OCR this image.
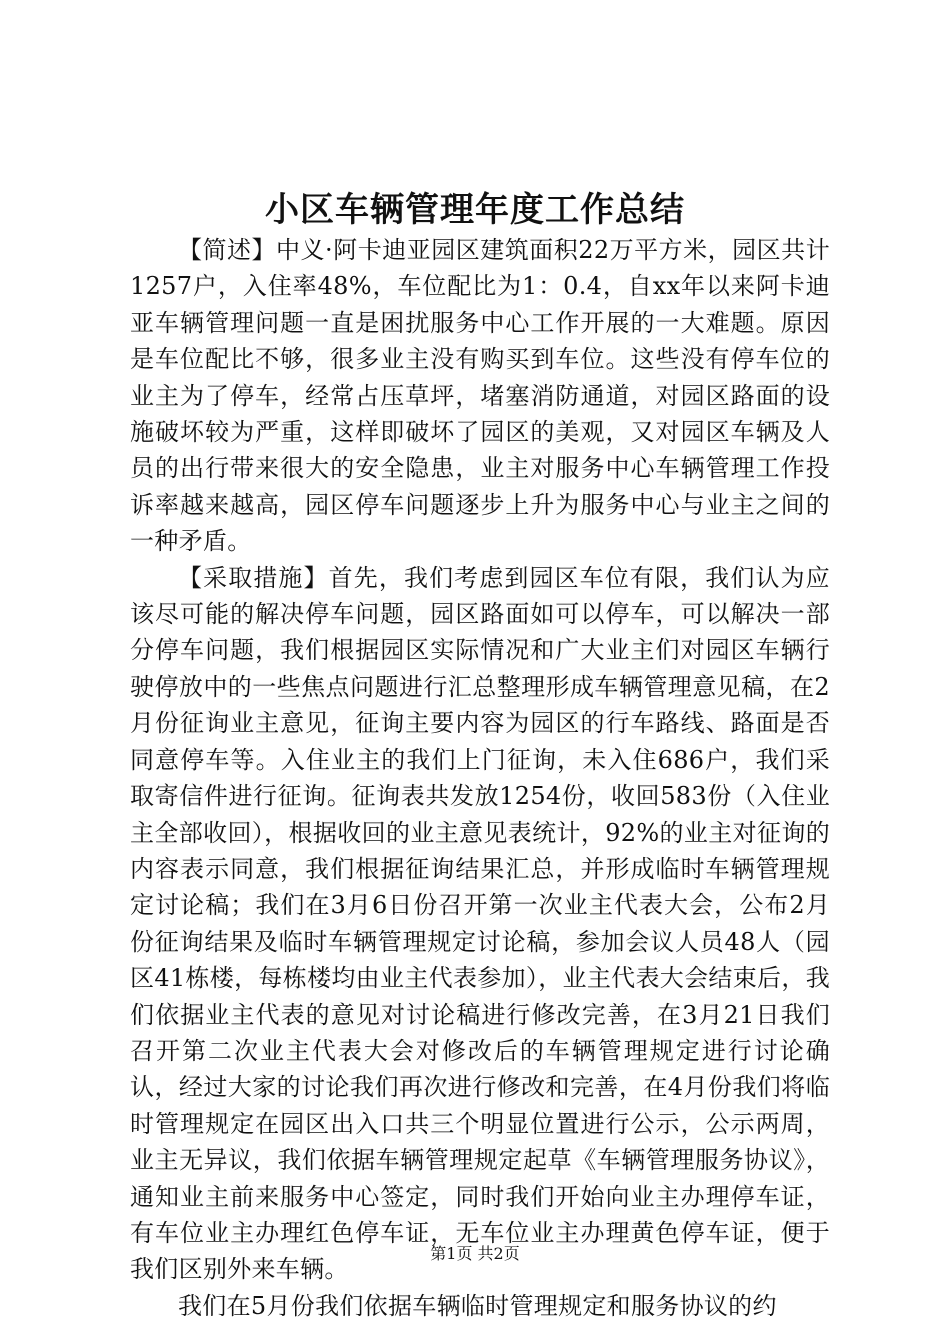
小区车辆管理年度工作总结

【简述】中义·阿卡迪亚园区建筑面积22万平方米，园区共计1257户，入住率48%，车位配比为1：0.4，自xx年以来阿卡迪亚车辆管理问题一直是困扰服务中心工作开展的一大难题。原因是车位配比不够，很多业主没有购买到车位。这些没有停车位的业主为了停车，经常占压草坪，堵塞消防通道，对园区路面的设施破坏较为严重，这样即破坏了园区的美观，又对园区车辆及人员的出行带来很大的安全隐患，业主对服务中心车辆管理工作投诉率越来越高，园区停车问题逐步上升为服务中心与业主之间的一种矛盾。

【采取措施】首先，我们考虑到园区车位有限，我们认为应该尽可能的解决停车问题，园区路面如可以停车，可以解决一部分停车问题，我们根据园区实际情况和广大业主们对园区车辆行驶停放中的一些焦点问题进行汇总整理形成车辆管理意见稿，在2月份征询业主意见，征询主要内容为园区的行车路线、路面是否同意停车等。入住业主的我们上门征询，未入住686户，我们采取寄信件进行征询。征询表共发放1254份，收回583份（入住业主全部收回），根据收回的业主意见表统计，92%的业主对征询的内容表示同意，我们根据征询结果汇总，并形成临时车辆管理规定讨论稿；我们在3月6日份召开第一次业主代表大会，公布2月份征询结果及临时车辆管理规定讨论稿，参加会议人员48人（园区41栋楼，每栋楼均由业主代表参加），业主代表大会结束后，我们依据业主代表的意见对讨论稿进行修改完善，在3月21日我们召开第二次业主代表大会对修改后的车辆管理规定进行讨论确认，经过大家的讨论我们再次进行修改和完善，在4月份我们将临时管理规定在园区出入口共三个明显位置进行公示，公示两周，业主无异议，我们依据车辆管理规定起草《车辆管理服务协议》，通知业主前来服务中心签定，同时我们开始向业主办理停车证，有车位业主办理红色停车证，无车位业主办理黄色停车证，便于我们区别外来车辆。

我们在5月份我们依据车辆临时管理规定和服务协议的约

第1页 共2页
